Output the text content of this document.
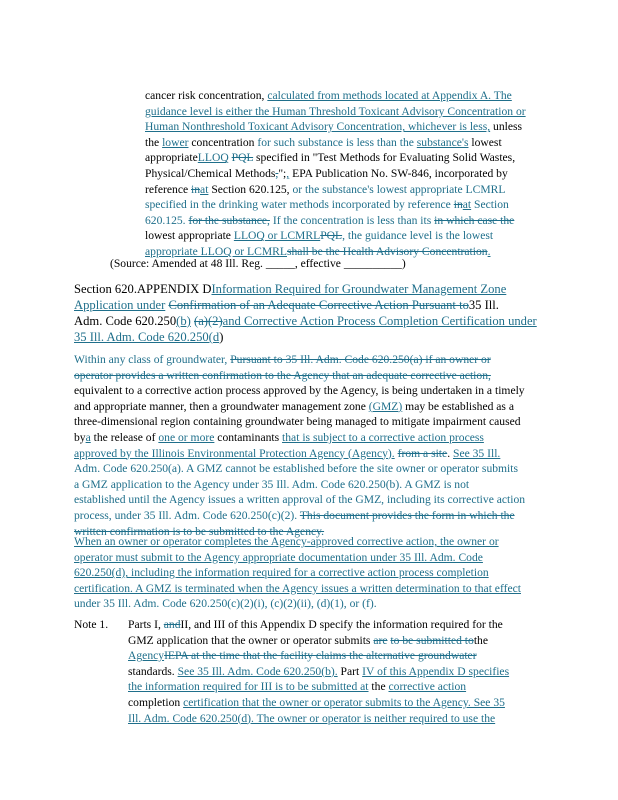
cancer risk concentration, calculated from methods located at Appendix A. The
guidance level is either the Human Threshold Toxicant Advisory Concentration or
Human Nonthreshold Toxicant Advisory Concentration, whichever is less, unless
the lower concentration for such substance is less than the substance's lowest
appropriateLLOQ PQL specified in "Test Methods for Evaluating Solid Wastes,
Physical/Chemical Methods,";, EPA Publication No. SW-846, incorporated by
reference inat Section 620.125, or the substance's lowest appropriate LCMRL
specified in the drinking water methods incorporated by reference inat Section
620.125. for the substance, If the concentration is less than its in which case the
lowest appropriate LLOQ or LCMRLPQL, the guidance level is the lowest
appropriate LLOQ or LCMRLshall be the Health Advisory Concentration.
(Source: Amended at 48 Ill. Reg. _____, effective __________)
Section 620.APPENDIX DInformation Required for Groundwater Management Zone
Application under Confirmation of an Adequate Corrective Action Pursuant to35 Ill.
Adm. Code 620.250(b) (a)(2)and Corrective Action Process Completion Certification under
35 Ill. Adm. Code 620.250(d)
Within any class of groundwater, Pursuant to 35 Ill. Adm. Code 620.250(a) if an owner or
operator provides a written confirmation to the Agency that an adequate corrective action,
equivalent to a corrective action process approved by the Agency, is being undertaken in a timely
and appropriate manner, then a groundwater management zone (GMZ) may be established as a
three-dimensional region containing groundwater being managed to mitigate impairment caused
bya the release of one or more contaminants that is subject to a corrective action process
approved by the Illinois Environmental Protection Agency (Agency). from a site. See 35 Ill.
Adm. Code 620.250(a). A GMZ cannot be established before the site owner or operator submits
a GMZ application to the Agency under 35 Ill. Adm. Code 620.250(b). A GMZ is not
established until the Agency issues a written approval of the GMZ, including its corrective action
process, under 35 Ill. Adm. Code 620.250(c)(2). This document provides the form in which the
written confirmation is to be submitted to the Agency.
When an owner or operator completes the Agency-approved corrective action, the owner or
operator must submit to the Agency appropriate documentation under 35 Ill. Adm. Code
620.250(d), including the information required for a corrective action process completion
certification. A GMZ is terminated when the Agency issues a written determination to that effect
under 35 Ill. Adm. Code 620.250(c)(2)(i), (c)(2)(ii), (d)(1), or (f).
Note 1. Parts I, andII, and III of this Appendix D specify the information required for the
GMZ application that the owner or operator submits are to be submitted tothe
AgencyIEPA at the time that the facility claims the alternative groundwater
standards. See 35 Ill. Adm. Code 620.250(b). Part IV of this Appendix D specifies
the information required for III is to be submitted at the corrective action
completion certification that the owner or operator submits to the Agency. See 35
Ill. Adm. Code 620.250(d). The owner or operator is neither required to use the
